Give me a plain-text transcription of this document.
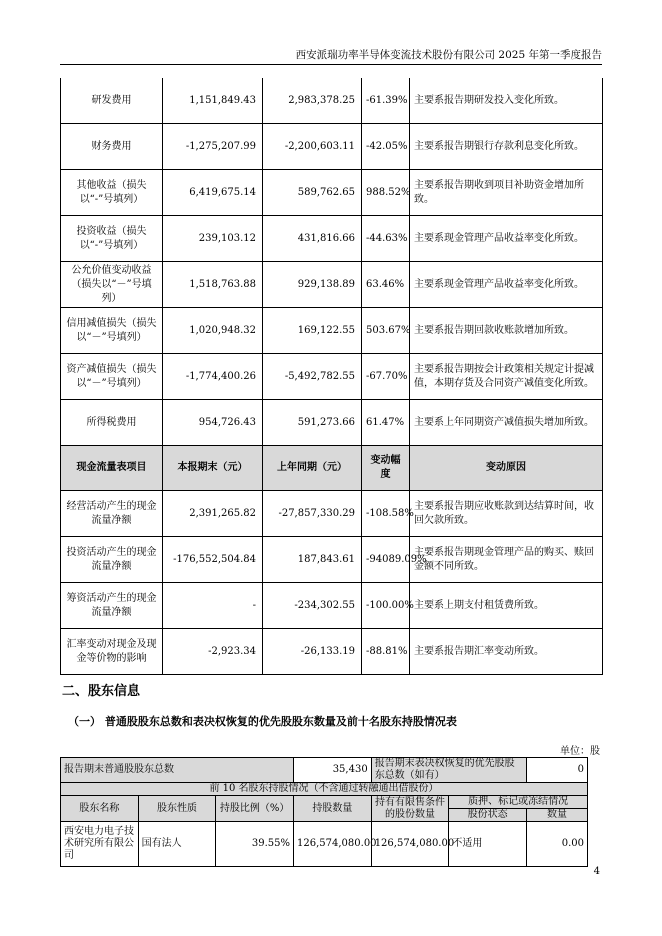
西安派瑞功率半导体变流技术股份有限公司 2025 年第一季度报告
研发费用	1,151,849.43	2,983,378.25	-61.39%	主要系报告期研发投入变化所致。
财务费用	-1,275,207.99	-2,200,603.11	-42.05%	主要系报告期银行存款利息变化所致。
其他收益（损失以“-”号填列）	6,419,675.14	589,762.65	988.52%	主要系报告期收到项目补助资金增加所致。
投资收益（损失以“-”号填列）	239,103.12	431,816.66	-44.63%	主要系现金管理产品收益率变化所致。
公允价值变动收益（损失以“－”号填列）	1,518,763.88	929,138.89	63.46%	主要系现金管理产品收益率变化所致。
信用减值损失（损失以“－”号填列）	1,020,948.32	169,122.55	503.67%	主要系报告期回款收账款增加所致。
资产减值损失（损失以“－”号填列）	-1,774,400.26	-5,492,782.55	-67.70%	主要系报告期按会计政策相关规定计提减值，本期存货及合同资产减值变化所致。
所得税费用	954,726.43	591,273.66	61.47%	主要系上年同期资产减值损失增加所致。
现金流量表项目	本报期末（元）	上年同期（元）	变动幅度	变动原因
经营活动产生的现金流量净额	2,391,265.82	-27,857,330.29	-108.58%	主要系报告期应收账款到达结算时间，收回欠款所致。
投资活动产生的现金流量净额	-176,552,504.84	187,843.61	-94089.09%	主要系报告期现金管理产品的购买、赎回金额不同所致。
筹资活动产生的现金流量净额	-	-234,302.55	-100.00%	主要系上期支付租赁费所致。
汇率变动对现金及现金等价物的影响	-2,923.34	-26,133.19	-88.81%	主要系报告期汇率变动所致。
二、股东信息
（一） 普通股股东总数和表决权恢复的优先股股东数量及前十名股东持股情况表
单位：股
报告期末普通股股东总数			35,430	报告期末表决权恢复的优先股股东总数（如有）		0
前 10 名股东持股情况（不含通过转融通出借股份）						
股东名称	股东性质	持股比例（%）	持股数量	持有有限售条件的股份数量	质押、标记或冻结情况	
					股份状态	数量
西安电力电子技术研究所有限公司	国有法人	39.55%	126,574,080.00	126,574,080.00	不适用	0.00
4
